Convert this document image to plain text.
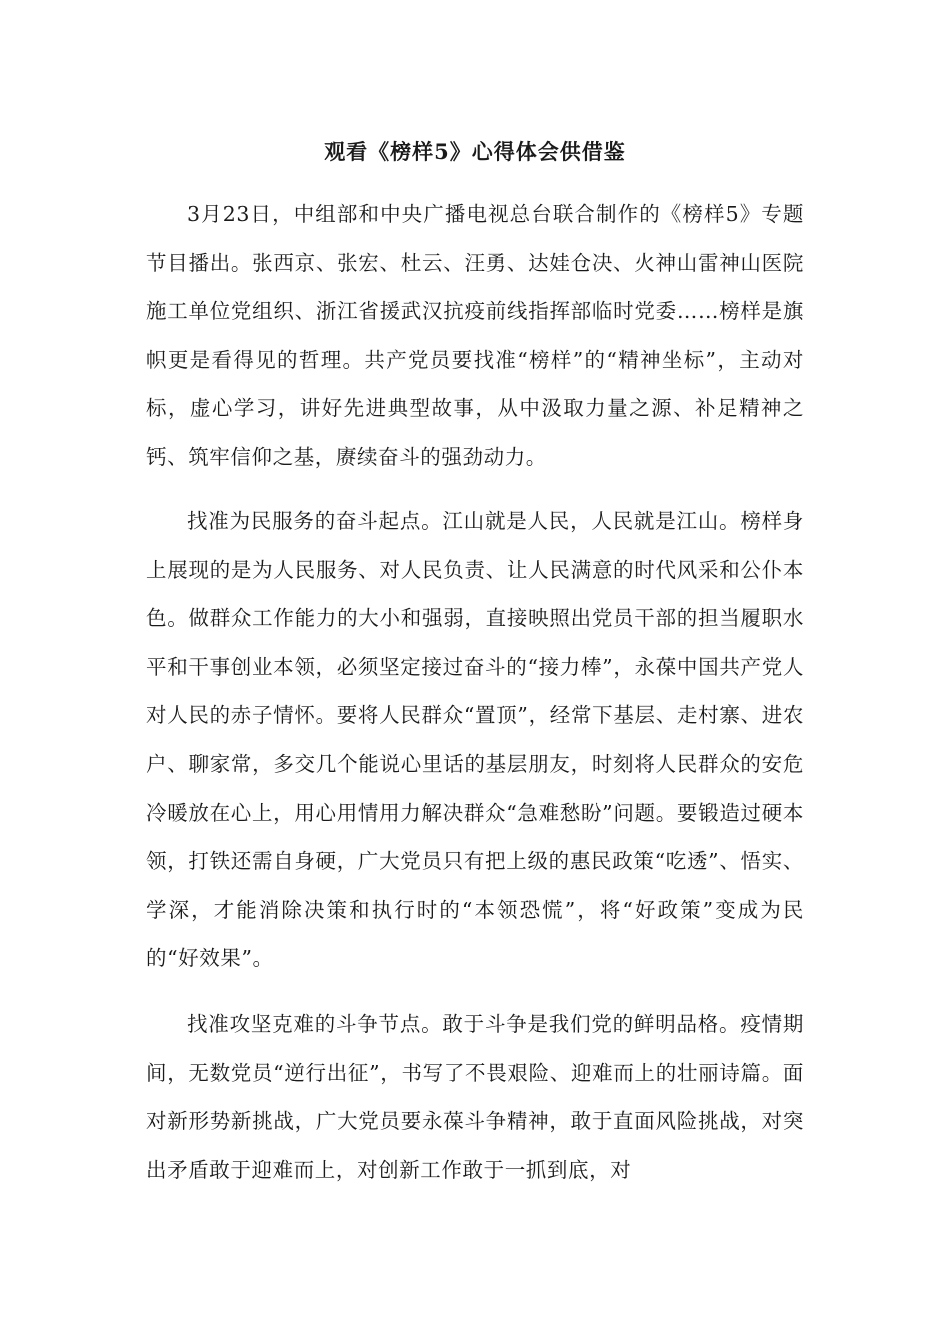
观看《榜样5》心得体会供借鉴

3月23日，中组部和中央广播电视总台联合制作的《榜样5》专题节目播出。张西京、张宏、杜云、汪勇、达娃仓决、火神山雷神山医院施工单位党组织、浙江省援武汉抗疫前线指挥部临时党委……榜样是旗帜更是看得见的哲理。共产党员要找准“榜样”的“精神坐标”，主动对标，虚心学习，讲好先进典型故事，从中汲取力量之源、补足精神之钙、筑牢信仰之基，赓续奋斗的强劲动力。

找准为民服务的奋斗起点。江山就是人民，人民就是江山。榜样身上展现的是为人民服务、对人民负责、让人民满意的时代风采和公仆本色。做群众工作能力的大小和强弱，直接映照出党员干部的担当履职水平和干事创业本领，必须坚定接过奋斗的“接力棒”，永葆中国共产党人对人民的赤子情怀。要将人民群众“置顶”，经常下基层、走村寨、进农户、聊家常，多交几个能说心里话的基层朋友，时刻将人民群众的安危冷暖放在心上，用心用情用力解决群众“急难愁盼”问题。要锻造过硬本领，打铁还需自身硬，广大党员只有把上级的惠民政策“吃透”、悟实、学深，才能消除决策和执行时的“本领恐慌”，将“好政策”变成为民的“好效果”。

找准攻坚克难的斗争节点。敢于斗争是我们党的鲜明品格。疫情期间，无数党员“逆行出征”，书写了不畏艰险、迎难而上的壮丽诗篇。面对新形势新挑战，广大党员要永葆斗争精神，敢于直面风险挑战，对突出矛盾敢于迎难而上，对创新工作敢于一抓到底，对
